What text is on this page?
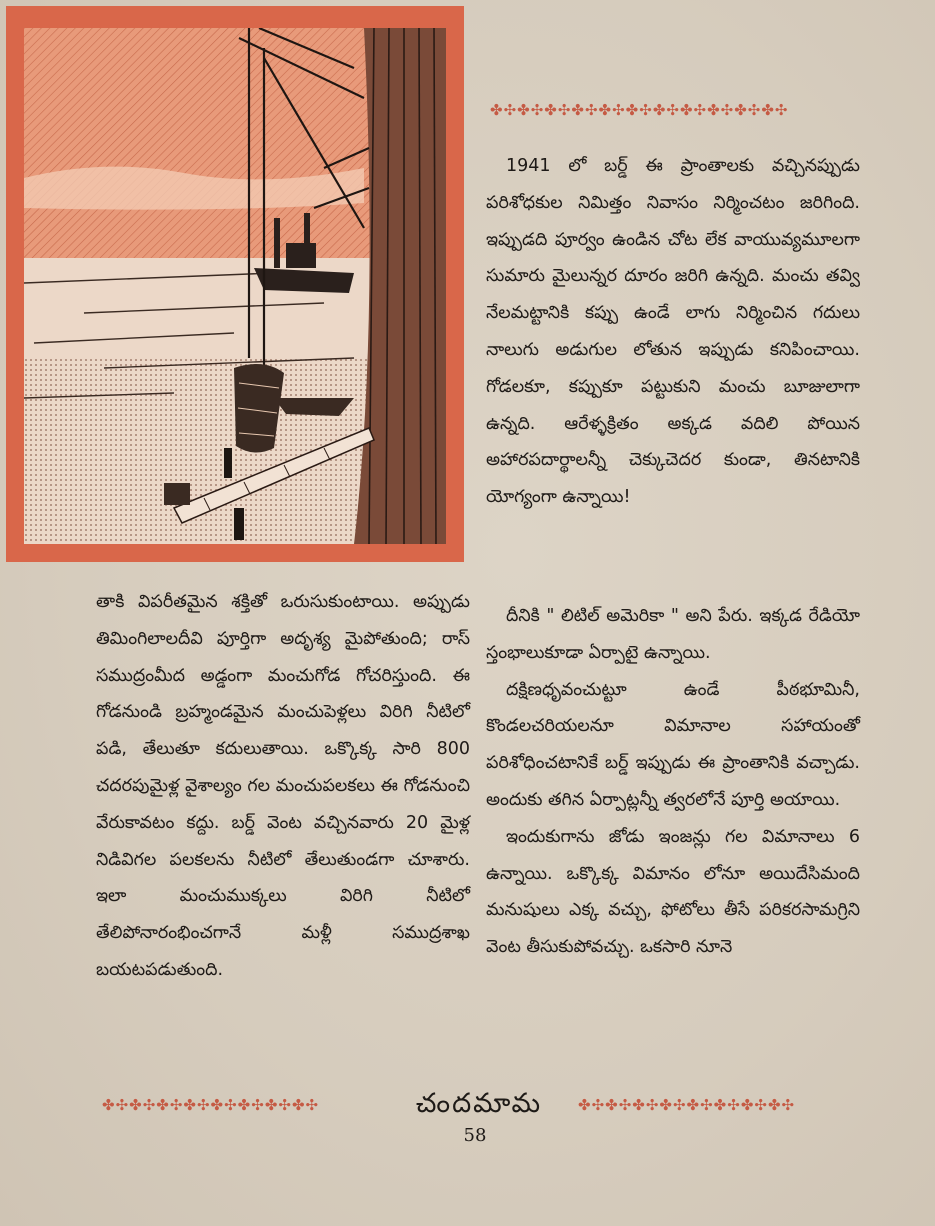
✤✣✤✣✤✣✤✣✤✣✤✣✤✣✤✣✤✣✤✣✤✣

1941 లో బర్డ్ ఈ ప్రాంతాలకు వచ్చినప్పుడు పరిశోధకుల నిమిత్తం నివాసం నిర్మించటం జరిగింది. ఇప్పుడది పూర్వం ఉండిన చోట లేక వాయువ్యమూలగా సుమారు మైలున్నర దూరం జరిగి ఉన్నది. మంచు తవ్వి నేలమట్టానికి కప్పు ఉండే లాగు నిర్మించిన గదులు నాలుగు అడుగుల లోతున ఇప్పుడు కనిపించాయి. గోడలకూ, కప్పుకూ పట్టుకుని మంచు బూజులాగా ఉన్నది. ఆరేళ్ళక్రితం అక్కడ వదిలి పోయిన అహారపదార్థాలన్నీ చెక్కుచెదర కుండా, తినటానికి యోగ్యంగా ఉన్నాయి!

తాకి విపరీతమైన శక్తితో ఒరుసుకుంటాయి. అప్పుడు తిమింగిలాలదీవి పూర్తిగా అదృశ్య మైపోతుంది; రాస్ సముద్రంమీద అడ్డంగా మంచుగోడ గోచరిస్తుంది. ఈ గోడనుండి బ్రహ్మండమైన మంచుపెళ్లలు విరిగి నీటిలో పడి, తేలుతూ కదులుతాయి. ఒక్కొక్క సారి 800 చదరపుమైళ్ల వైశాల్యం గల మంచుపలకలు ఈ గోడనుంచి వేరుకావటం కద్దు. బర్డ్ వెంట వచ్చినవారు 20 మైళ్ల నిడివిగల పలకలను నీటిలో తేలుతుండగా చూశారు. ఇలా మంచుముక్కలు విరిగి నీటిలో తేలిపోనారంభించగానే మళ్లీ సముద్రశాఖ బయటపడుతుంది.

దీనికి " లిటిల్ అమెరికా " అని పేరు. ఇక్కడ రేడియో స్తంభాలుకూడా ఏర్పాటై ఉన్నాయి.

దక్షిణధృవంచుట్టూ ఉండే పీఠభూమినీ, కొండలచరియలనూ విమానాల సహాయంతో పరిశోధించటానికే బర్డ్ ఇప్పుడు ఈ ప్రాంతానికి వచ్చాడు. అందుకు తగిన ఏర్పాట్లన్నీ త్వరలోనే పూర్తి అయాయి.

ఇందుకుగాను జోడు ఇంజన్లు గల విమానాలు 6 ఉన్నాయి. ఒక్కొక్క విమానం లోనూ అయిదేసిమంది మనుషులు ఎక్క వచ్చు, ఫోటోలు తీసే పరికరసామగ్రిని వెంట తీసుకుపోవచ్చు. ఒకసారి నూనె

✤✣✤✣✤✣✤✣✤✣✤✣✤✣✤✣	చందమామ	✤✣✤✣✤✣✤✣✤✣✤✣✤✣✤✣
58
